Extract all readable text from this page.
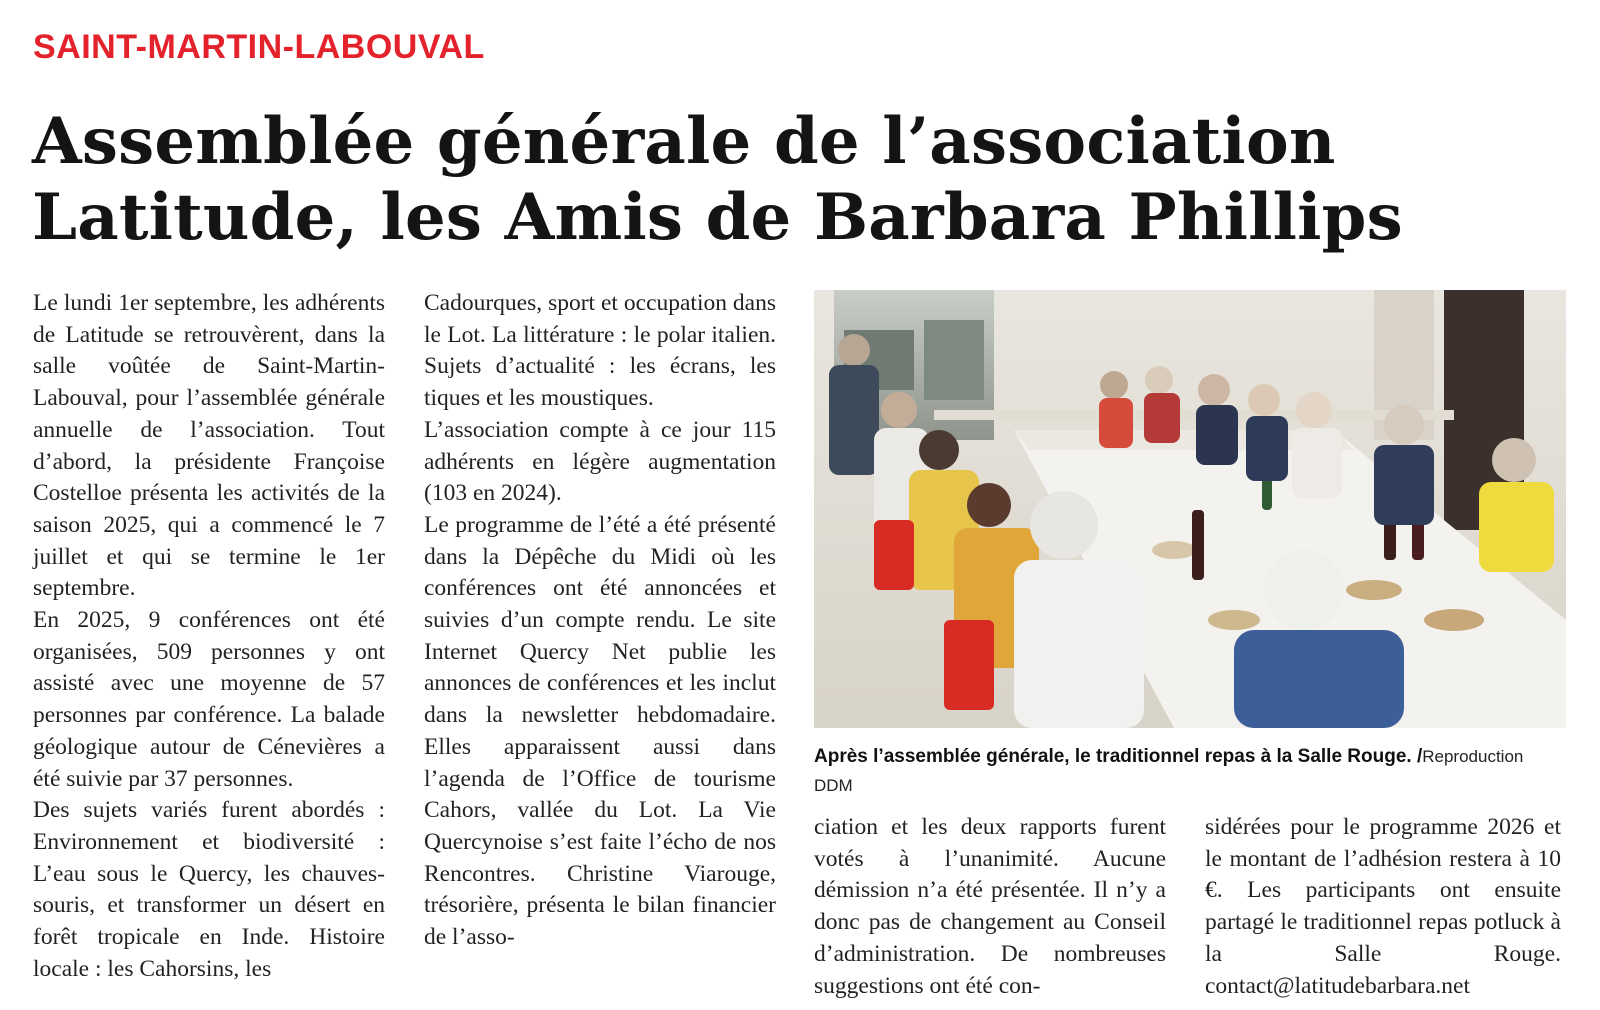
SAINT-MARTIN-LABOUVAL
Assemblée générale de l’association Latitude, les Amis de Barbara Phillips

Le lundi 1er septembre, les adhérents de Latitude se retrouvèrent, dans la salle voûtée de Saint-Martin-Labouval, pour l’assemblée générale annuelle de l’association. Tout d’abord, la présidente Françoise Costelloe présenta les activités de la saison 2025, qui a commencé le 7 juillet et qui se termine le 1er septembre.

En 2025, 9 conférences ont été organisées, 509 personnes y ont assisté avec une moyenne de 57 personnes par conférence. La balade géologique autour de Cénevières a été suivie par 37 personnes.

Des sujets variés furent abordés : Environnement et biodiversité : L’eau sous le Quercy, les chauves-souris, et transformer un désert en forêt tropicale en Inde. Histoire locale : les Cahorsins, les

Cadourques, sport et occupation dans le Lot. La littérature : le polar italien. Sujets d’actualité : les écrans, les tiques et les moustiques.

L’association compte à ce jour 115 adhérents en légère augmentation (103 en 2024).

Le programme de l’été a été présenté dans la Dépêche du Midi où les conférences ont été annoncées et suivies d’un compte rendu. Le site Internet Quercy Net publie les annonces de conférences et les inclut dans la newsletter hebdomadaire. Elles apparaissent aussi dans l’agenda de l’Office de tourisme Cahors, vallée du Lot. La Vie Quercynoise s’est faite l’écho de nos Rencontres. Christine Viarouge, trésorière, présenta le bilan financier de l’asso-

Après l’assemblée générale, le traditionnel repas à la Salle Rouge. /Reproduction DDM

ciation et les deux rapports furent votés à l’unanimité. Aucune démission n’a été présentée. Il n’y a donc pas de changement au Conseil d’administration. De nombreuses suggestions ont été con-

sidérées pour le programme 2026 et le montant de l’adhésion restera à 10 €. Les participants ont ensuite partagé le traditionnel repas potluck à la Salle Rouge. contact@latitudebarbara.net
